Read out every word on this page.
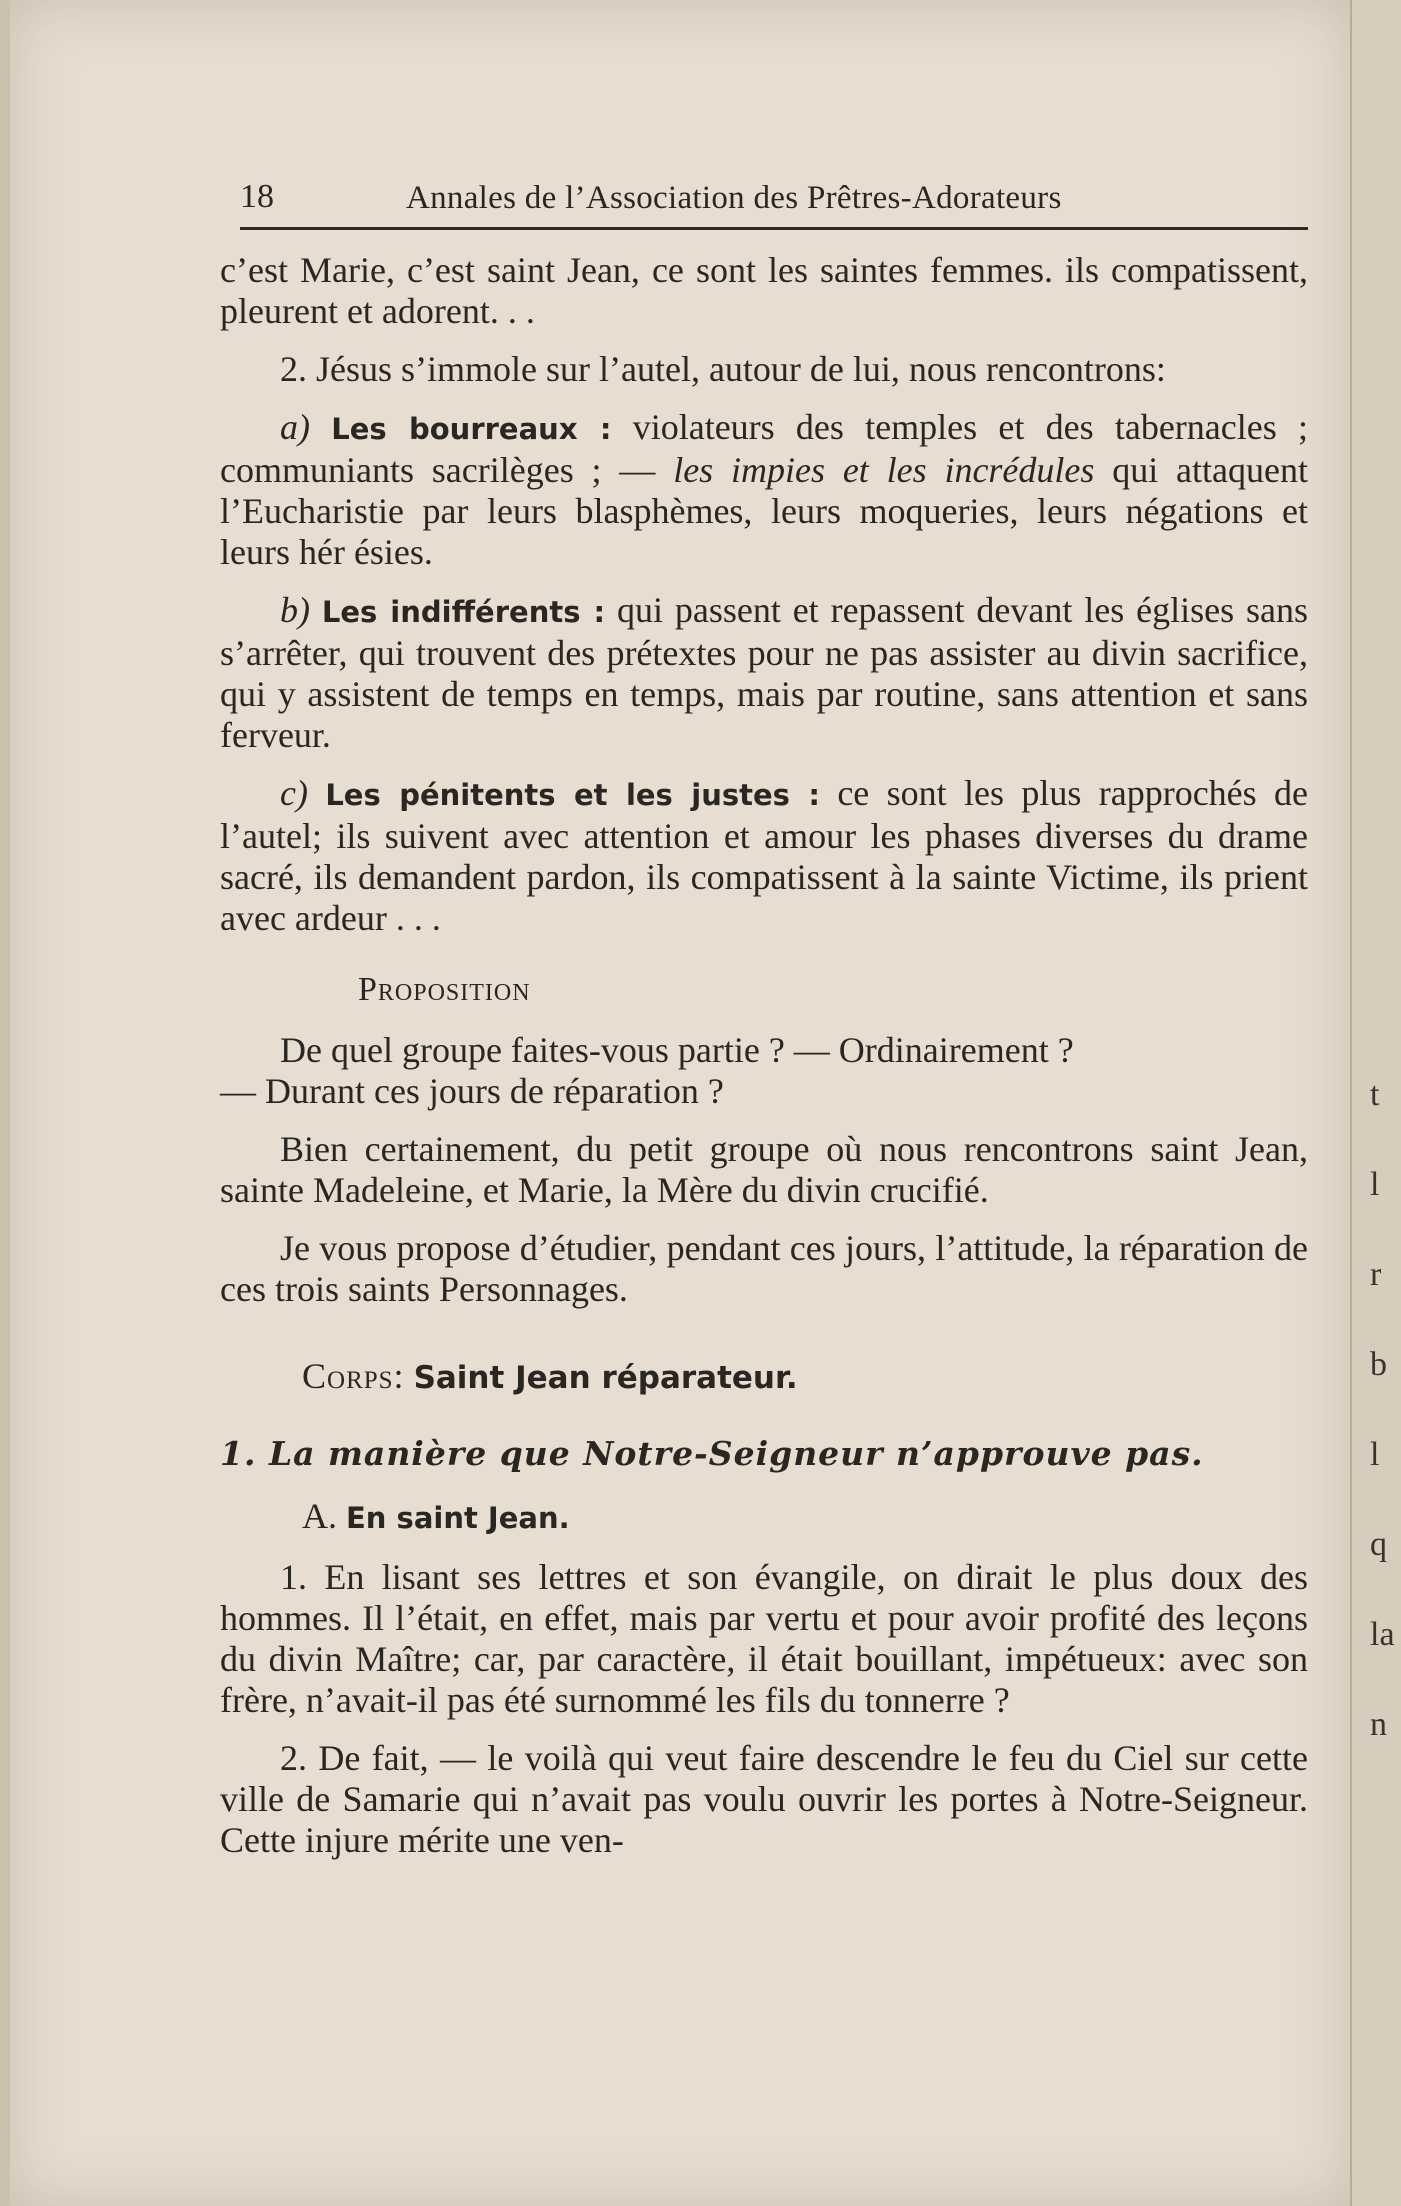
t
l
r
b
l
q
la
n
18	Annales de l’Association des Prêtres-Adorateurs

c’est Marie, c’est saint Jean, ce sont les saintes femmes. ils compatissent, pleurent et adorent. . .

2. Jésus s’immole sur l’autel, autour de lui, nous rencontrons:

a) Les bourreaux : violateurs des temples et des tabernacles ; communiants sacrilèges ; — les impies et les incrédules qui attaquent l’Eucharistie par leurs blasphèmes, leurs moqueries, leurs négations et leurs hér ésies.

b) Les indifférents : qui passent et repassent devant les églises sans s’arrêter, qui trouvent des prétextes pour ne pas assister au divin sacrifice, qui y assistent de temps en temps, mais par routine, sans attention et sans ferveur.

c) Les pénitents et les justes : ce sont les plus rapprochés de l’autel; ils suivent avec attention et amour les phases diverses du drame sacré, ils demandent pardon, ils compatissent à la sainte Victime, ils prient avec ardeur . . .

Proposition

De quel groupe faites-vous partie ? — Ordinairement ?

— Durant ces jours de réparation ?

Bien certainement, du petit groupe où nous rencontrons saint Jean, sainte Madeleine, et Marie, la Mère du divin crucifié.

Je vous propose d’étudier, pendant ces jours, l’attitude, la réparation de ces trois saints Personnages.

Corps: Saint Jean réparateur.

1. La manière que Notre-Seigneur n’approuve pas.

A. En saint Jean.

1. En lisant ses lettres et son évangile, on dirait le plus doux des hommes. Il l’était, en effet, mais par vertu et pour avoir profité des leçons du divin Maître; car, par caractère, il était bouillant, impétueux: avec son frère, n’avait-il pas été surnommé les fils du tonnerre ?

2. De fait, — le voilà qui veut faire descendre le feu du Ciel sur cette ville de Samarie qui n’avait pas voulu ouvrir les portes à Notre-Seigneur. Cette injure mérite une ven-
